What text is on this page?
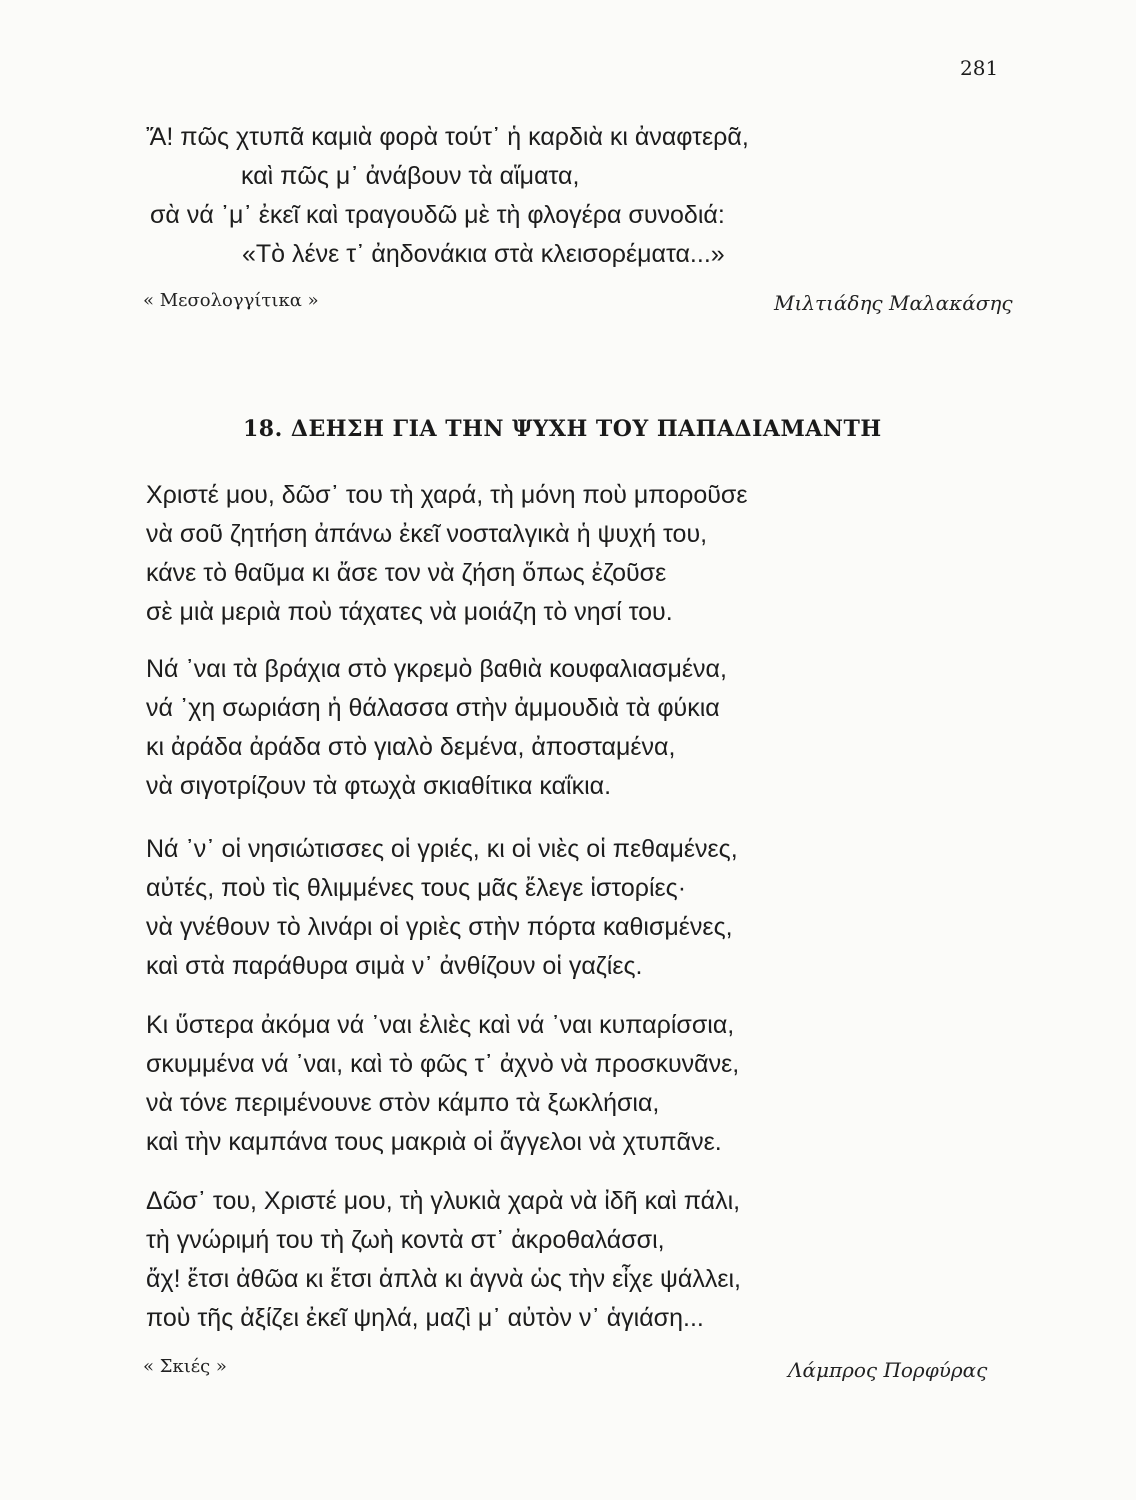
281
Ἄ! πῶς χτυπᾶ καμιὰ φορὰ τούτ᾽ ἡ καρδιὰ κι ἀναφτερᾶ,
καὶ πῶς μ᾽ ἀνάβουν τὰ αἵματα,
σὰ νά ᾽μ᾽ ἐκεῖ καὶ τραγουδῶ μὲ τὴ φλογέρα συνοδιά:
«Τὸ λένε τ᾽ ἀηδονάκια στὰ κλεισορέματα...»
« Μεσολογγίτικα »	Μιλτιάδης Μαλακάσης
18. ΔΕΗΣΗ ΓΙΑ ΤΗΝ ΨΥΧΗ ΤΟΥ ΠΑΠΑΔΙΑΜΑΝΤΗ
Χριστέ μου, δῶσ᾽ του τὴ χαρά, τὴ μόνη ποὺ μποροῦσε
νὰ σοῦ ζητήση ἀπάνω ἐκεῖ νοσταλγικὰ ἡ ψυχή του,
κάνε τὸ θαῦμα κι ἄσε τον νὰ ζήση ὅπως ἐζοῦσε
σὲ μιὰ μεριὰ ποὺ τάχατες νὰ μοιάζη τὸ νησί του.
Νά ᾽ναι τὰ βράχια στὸ γκρεμὸ βαθιὰ κουφαλιασμένα,
νά ᾽χη σωριάση ἡ θάλασσα στὴν ἀμμουδιὰ τὰ φύκια
κι ἀράδα ἀράδα στὸ γιαλὸ δεμένα, ἀποσταμένα,
νὰ σιγοτρίζουν τὰ φτωχὰ σκιαθίτικα καΐκια.
Νά ᾽ν᾽ οἱ νησιώτισσες οἱ γριές, κι οἱ νιὲς οἱ πεθαμένες,
αὐτές, ποὺ τὶς θλιμμένες τους μᾶς ἔλεγε ἱστορίες·
νὰ γνέθουν τὸ λινάρι οἱ γριὲς στὴν πόρτα καθισμένες,
καὶ στὰ παράθυρα σιμὰ ν᾽ ἀνθίζουν οἱ γαζίες.
Κι ὕστερα ἀκόμα νά ᾽ναι ἐλιὲς καὶ νά ᾽ναι κυπαρίσσια,
σκυμμένα νά ᾽ναι, καὶ τὸ φῶς τ᾽ ἀχνὸ νὰ προσκυνᾶνε,
νὰ τόνε περιμένουνε στὸν κάμπο τὰ ξωκλήσια,
καὶ τὴν καμπάνα τους μακριὰ οἱ ἄγγελοι νὰ χτυπᾶνε.
Δῶσ᾽ του, Χριστέ μου, τὴ γλυκιὰ χαρὰ νὰ ἰδῆ καὶ πάλι,
τὴ γνώριμή του τὴ ζωὴ κοντὰ στ᾽ ἀκροθαλάσσι,
ἄχ! ἔτσι ἀθῶα κι ἔτσι ἁπλὰ κι ἁγνὰ ὡς τὴν εἶχε ψάλλει,
ποὺ τῆς ἀξίζει ἐκεῖ ψηλά, μαζὶ μ᾽ αὐτὸν ν᾽ ἁγιάση...
« Σκιές »	Λάμπρος Πορφύρας
